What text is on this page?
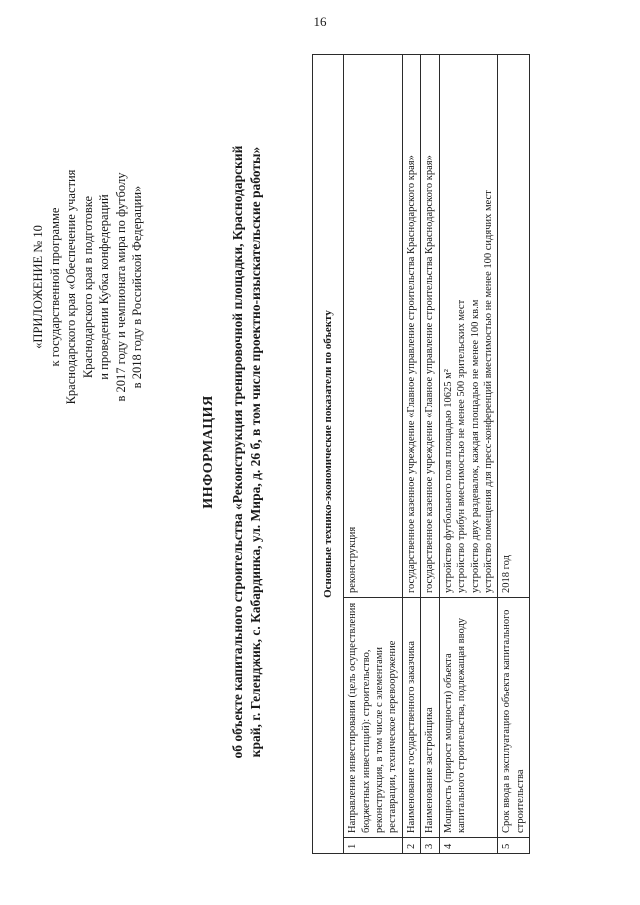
16
«ПРИЛОЖЕНИЕ № 10 к государственной программе Краснодарского края «Обеспечение участия Краснодарского края в подготовке и проведении Кубка конфедераций в 2017 году и чемпионата мира по футболу в 2018 году в Российской Федерации»
ИНФОРМАЦИЯ об объекте капитального строительства «Реконструкция тренировочной площадки, Краснодарский край, г. Геленджик, с. Кабардинка, ул. Мира, д. 26 б, в том числе проектно-изыскательские работы»	Основные технико-экономические показатели по объекту		
1	Направление инвестирования (цель осуществления бюджетных инвестиций): строительство, реконструкция, в том числе с элементами реставрации, техническое перевооружение	реконструкция

2	Наименование государственного заказчика	государственное казенное учреждение «Главное управление строительства Краснодарского края»

3	Наименование застройщика	государственное казенное учреждение «Главное управление строительства Краснодарского края»

4	Мощность (прирост мощности) объекта капитального строительства, подлежащая вводу	устройство футбольного поля площадью 10625 м² устройство трибун вместимостью не менее 500 зрительских мест устройство двух раздевалок, каждая площадью не менее 100 кв.м устройство помещения для пресс-конференций вместимостью не менее 100 сидячих мест

5	Срок ввода в эксплуатацию объекта капитального строительства	2018 год
